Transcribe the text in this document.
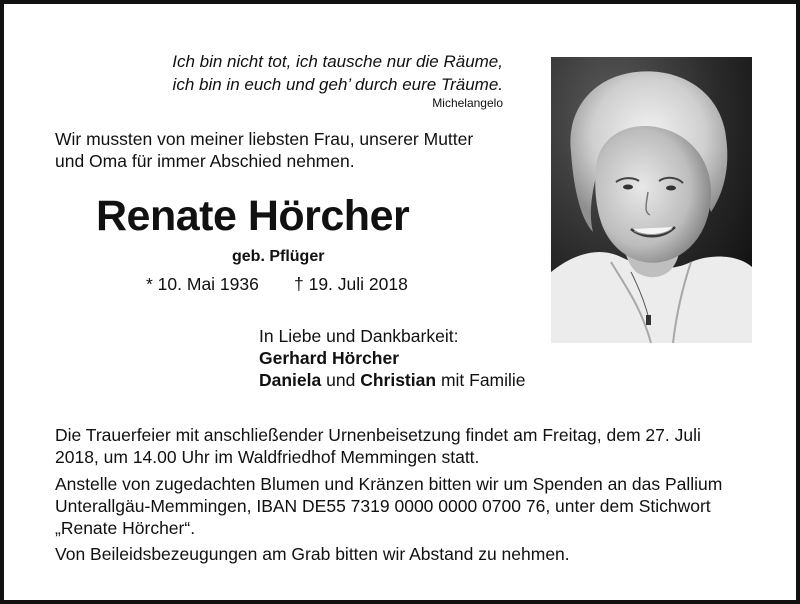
Ich bin nicht tot, ich tausche nur die Räume,
ich bin in euch und geh’ durch eure Träume.
Michelangelo
Wir mussten von meiner liebsten Frau, unserer Mutter
und Oma für immer Abschied nehmen.
Renate Hörcher
geb. Pflüger
* 10. Mai 1936 † 19. Juli 2018
In Liebe und Dankbarkeit:
Gerhard Hörcher
Daniela und Christian mit Familie
Die Trauerfeier mit anschließender Urnenbeisetzung findet am Freitag, dem 27. Juli
2018, um 14.00 Uhr im Waldfriedhof Memmingen statt.
Anstelle von zugedachten Blumen und Kränzen bitten wir um Spenden an das Pallium
Unterallgäu-Memmingen, IBAN DE55 7319 0000 0000 0700 76, unter dem Stichwort
„Renate Hörcher“.
Von Beileidsbezeugungen am Grab bitten wir Abstand zu nehmen.
